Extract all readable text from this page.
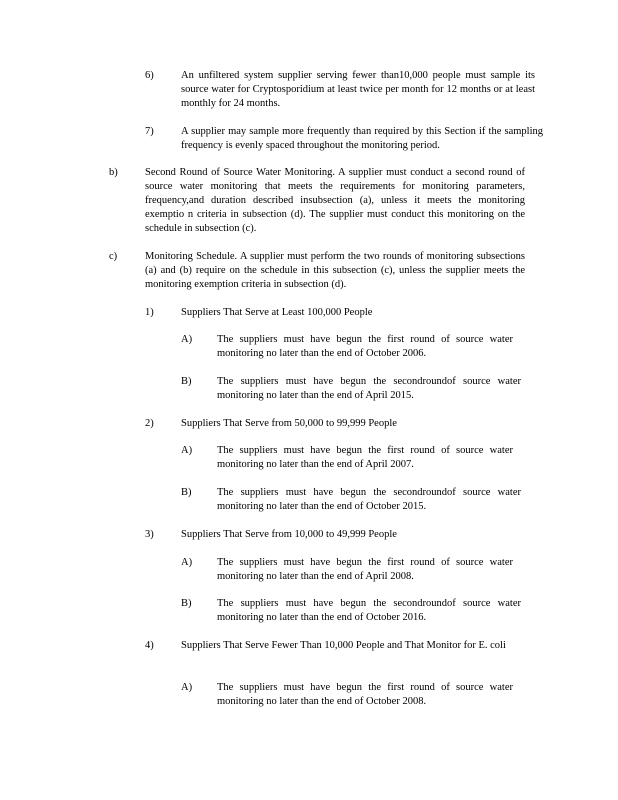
6)	An unfiltered system supplier serving fewer than10,000 people must sample its source water for Cryptosporidium at least twice per month for 12 months or at least monthly for 24 months.
7)	A supplier may sample more frequently than required by this Section if the sampling frequency is evenly spaced throughout the monitoring period.
b)	Second Round of Source Water Monitoring. A supplier must conduct a second round of source water monitoring that meets the requirements for monitoring parameters, frequency,and duration described insubsection (a), unless it meets the monitoring exemptio n criteria in subsection (d). The supplier must conduct this monitoring on the schedule in subsection (c).
c)	Monitoring Schedule. A supplier must perform the two rounds of monitoring subsections (a) and (b) require on the schedule in this subsection (c), unless the supplier meets the monitoring exemption criteria in subsection (d).
1)	Suppliers That Serve at Least 100,000 People
A) The suppliers must have begun the first round of source water monitoring no later than the end of October 2006.
B) The suppliers must have begun the secondroundof source water monitoring no later than the end of April 2015.
2)	Suppliers That Serve from 50,000 to 99,999 People
A) The suppliers must have begun the first round of source water monitoring no later than the end of April 2007.
B) The suppliers must have begun the secondroundof source water monitoring no later than the end of October 2015.
3)	Suppliers That Serve from 10,000 to 49,999 People
A) The suppliers must have begun the first round of source water monitoring no later than the end of April 2008.
B) The suppliers must have begun the secondroundof source water monitoring no later than the end of October 2016.
4)	Suppliers That Serve Fewer Than 10,000 People and That Monitor for E. coli
A) The suppliers must have begun the first round of source water monitoring no later than the end of October 2008.
